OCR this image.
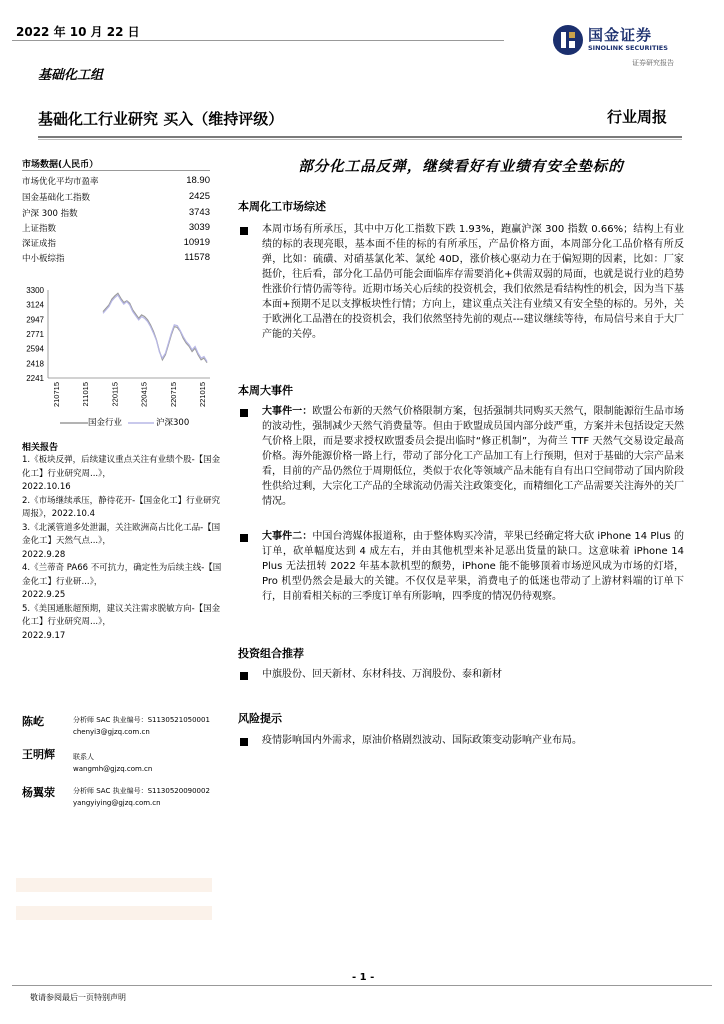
2022 年 10 月 22 日	国金证券
SINOLINK SECURITIES
证券研究报告
基础化工组
基础化工行业研究 买入（维持评级）	行业周报
市场数据(人民币）
市场优化平均市盈率	18.90
国金基础化工指数	2425
沪深 300 指数	3743
上证指数	3039
深证成指	10919
中小板综指	11578
3300
3124
2947
2771
2594
2418
2241
210715	211015	220115	220415	220715	221015
国金行业	沪深300
相关报告
1.《板块反弹，后续建议重点关注有业绩个股-【国金化工】行业研究周...》，
2022.10.16
2.《市场继续承压，静待花开-【国金化工】行业研究周报》，2022.10.4
3.《北溪管道多处泄漏，关注欧洲高占比化工品-【国金化工】天然气点...》，
2022.9.28
4.《兰蒂奇 PA66 不可抗力，确定性为后续主线-【国金化工】行业研...》，
2022.9.25
5.《美国通胀超预期，建议关注需求脱敏方向-【国金化工】行业研究周...》，
2022.9.17
陈屹	分析师 SAC 执业编号：S1130521050001
chenyi3@gjzq.com.cn
王明辉	联系人
wangmh@gjzq.com.cn
杨翼荥	分析师 SAC 执业编号：S1130520090002
yangyiying@gjzq.com.cn
部分化工品反弹，继续看好有业绩有安全垫标的
本周化工市场综述
本周市场有所承压，其中中万化工指数下跌 1.93%，跑赢沪深 300 指数 0.66%；结构上有业绩的标的表现亮眼，基本面不佳的标的有所承压，产品价格方面，本周部分化工品价格有所反弹，比如：硫磺、对硝基氯化苯、氯纶 40D，涨价核心驱动力在于偏短期的因素，比如：厂家挺价，往后看，部分化工品仍可能会面临库存需要消化+供需双弱的局面，也就是说行业的趋势性涨价行情仍需等待。近期市场关心后续的投资机会，我们依然是看结构性的机会，因为当下基本面+预期不足以支撑板块性行情；方向上，建议重点关注有业绩又有安全垫的标的。另外，关于欧洲化工品潜在的投资机会，我们依然坚持先前的观点---建议继续等待，布局信号来自于大厂产能的关停。
本周大事件
大事件一：欧盟公布新的天然气价格限制方案，包括强制共同购买天然气，限制能源衍生品市场的波动性，强制减少天然气消费量等。但由于欧盟成员国内部分歧严重，方案并未包括设定天然气价格上限，而是要求授权欧盟委员会提出临时“修正机制”，为荷兰 TTF 天然气交易设定最高价格。海外能源价格一路上行，带动了部分化工产品加工有上行预期，但对于基础的大宗产品来看，目前的产品仍然位于周期低位，类似于农化等领域产品未能有自有出口空间带动了国内阶段性供给过剩，大宗化工产品的全球流动仍需关注政策变化，而精细化工产品需要关注海外的关厂情况。
大事件二：中国台湾媒体报道称，由于整体购买冷清，苹果已经确定将大砍 iPhone 14 Plus 的订单，砍单幅度达到 4 成左右，并由其他机型来补足恶出货量的缺口。这意味着 iPhone 14 Plus 无法扭转 2022 年基本款机型的颓势，iPhone 能不能够顶着市场逆风成为市场的灯塔，Pro 机型仍然会是最大的关键。不仅仅是苹果，消费电子的低迷也带动了上游材料端的订单下行，目前看相关标的三季度订单有所影响，四季度的情况仍待观察。
投资组合推荐
中旗股份、回天新材、东材科技、万润股份、泰和新材
风险提示
疫情影响国内外需求，原油价格剧烈波动、国际政策变动影响产业布局。
- 1 -
敬请参阅最后一页特别声明
